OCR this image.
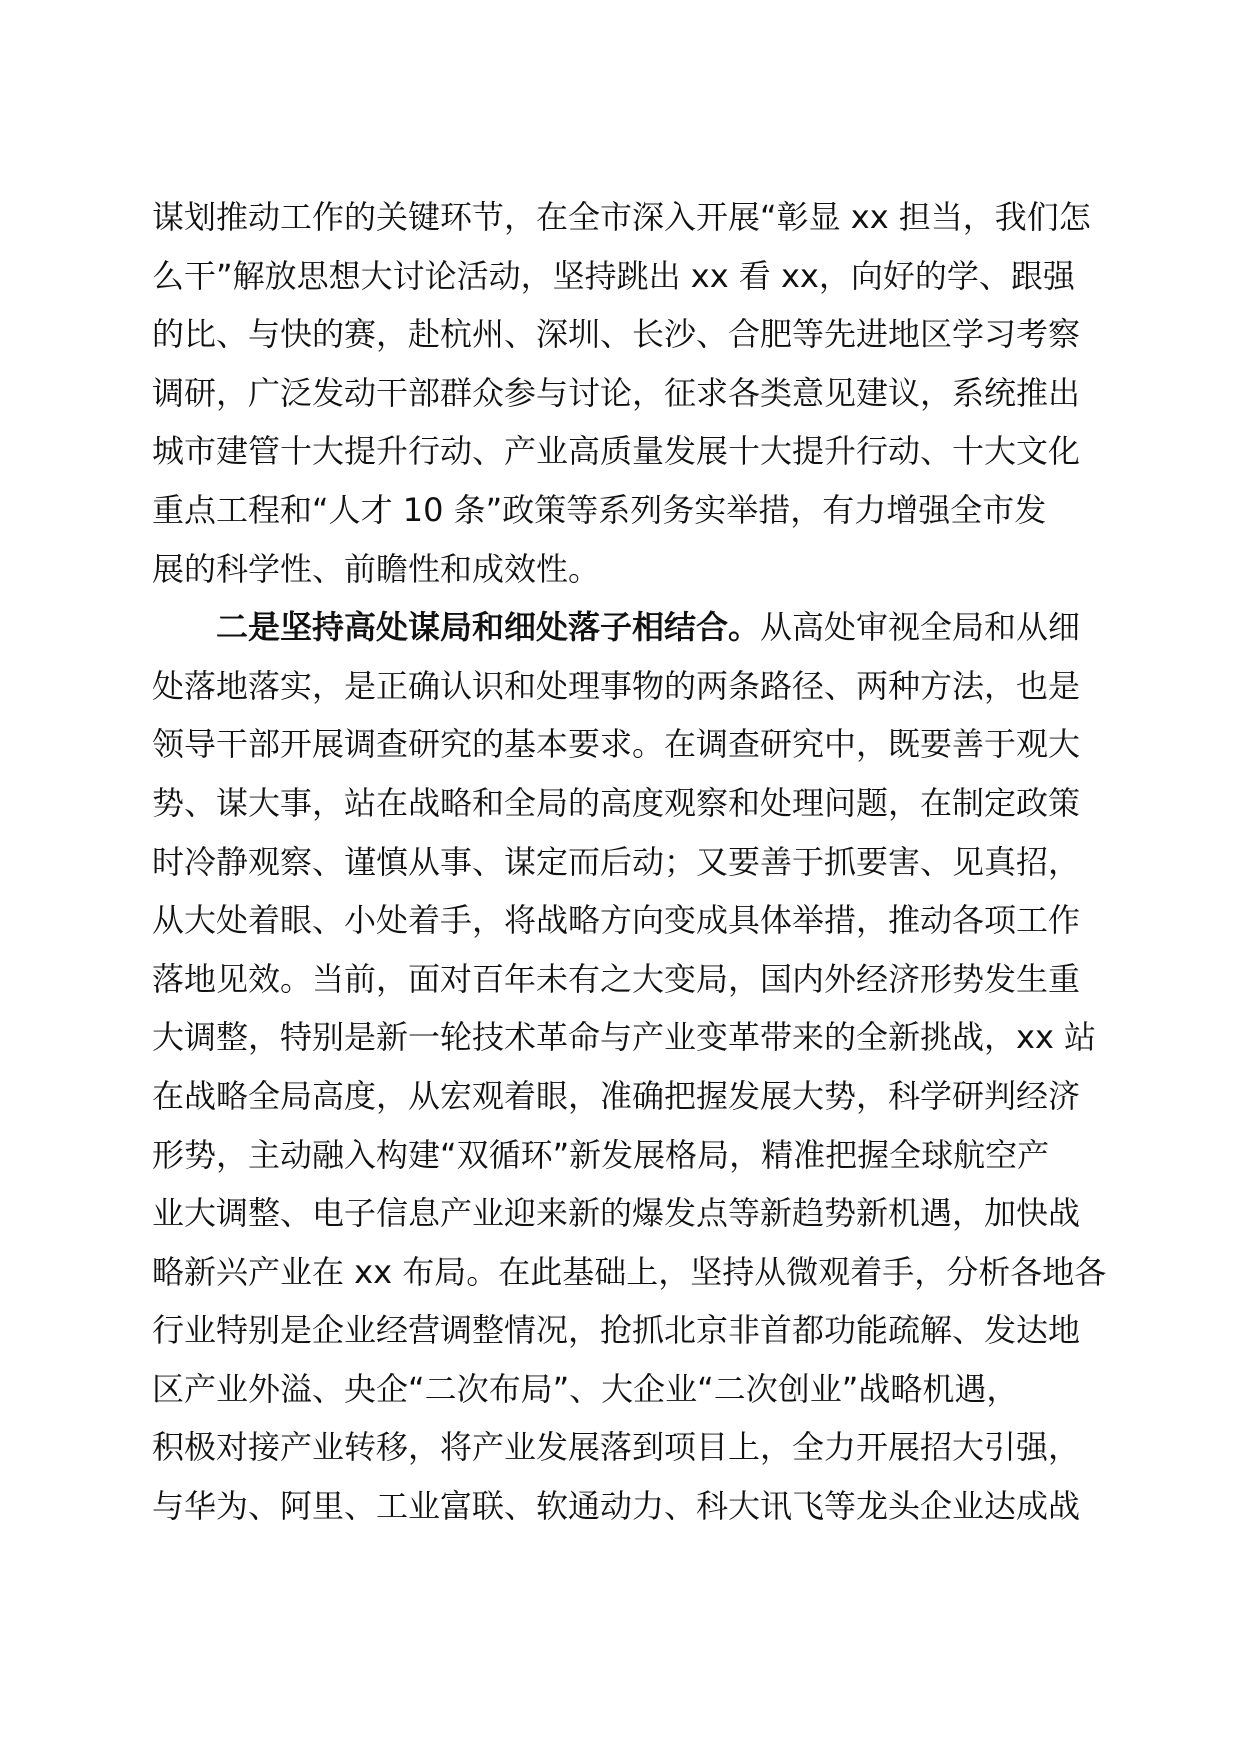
谋划推动工作的关键环节，在全市深入开展“彰显 xx 担当，我们怎
么干”解放思想大讨论活动，坚持跳出 xx 看 xx，向好的学、跟强
的比、与快的赛，赴杭州、深圳、长沙、合肥等先进地区学习考察
调研，广泛发动干部群众参与讨论，征求各类意见建议，系统推出
城市建管十大提升行动、产业高质量发展十大提升行动、十大文化
重点工程和“人才 10 条”政策等系列务实举措，有力增强全市发
展的科学性、前瞻性和成效性。
二是坚持高处谋局和细处落子相结合。从高处审视全局和从细
处落地落实，是正确认识和处理事物的两条路径、两种方法，也是
领导干部开展调查研究的基本要求。在调查研究中，既要善于观大
势、谋大事，站在战略和全局的高度观察和处理问题，在制定政策
时冷静观察、谨慎从事、谋定而后动；又要善于抓要害、见真招，
从大处着眼、小处着手，将战略方向变成具体举措，推动各项工作
落地见效。当前，面对百年未有之大变局，国内外经济形势发生重
大调整，特别是新一轮技术革命与产业变革带来的全新挑战，xx 站
在战略全局高度，从宏观着眼，准确把握发展大势，科学研判经济
形势，主动融入构建“双循环”新发展格局，精准把握全球航空产
业大调整、电子信息产业迎来新的爆发点等新趋势新机遇，加快战
略新兴产业在 xx 布局。在此基础上，坚持从微观着手，分析各地各
行业特别是企业经营调整情况，抢抓北京非首都功能疏解、发达地
区产业外溢、央企“二次布局”、大企业“二次创业”战略机遇，
积极对接产业转移，将产业发展落到项目上，全力开展招大引强，
与华为、阿里、工业富联、软通动力、科大讯飞等龙头企业达成战
